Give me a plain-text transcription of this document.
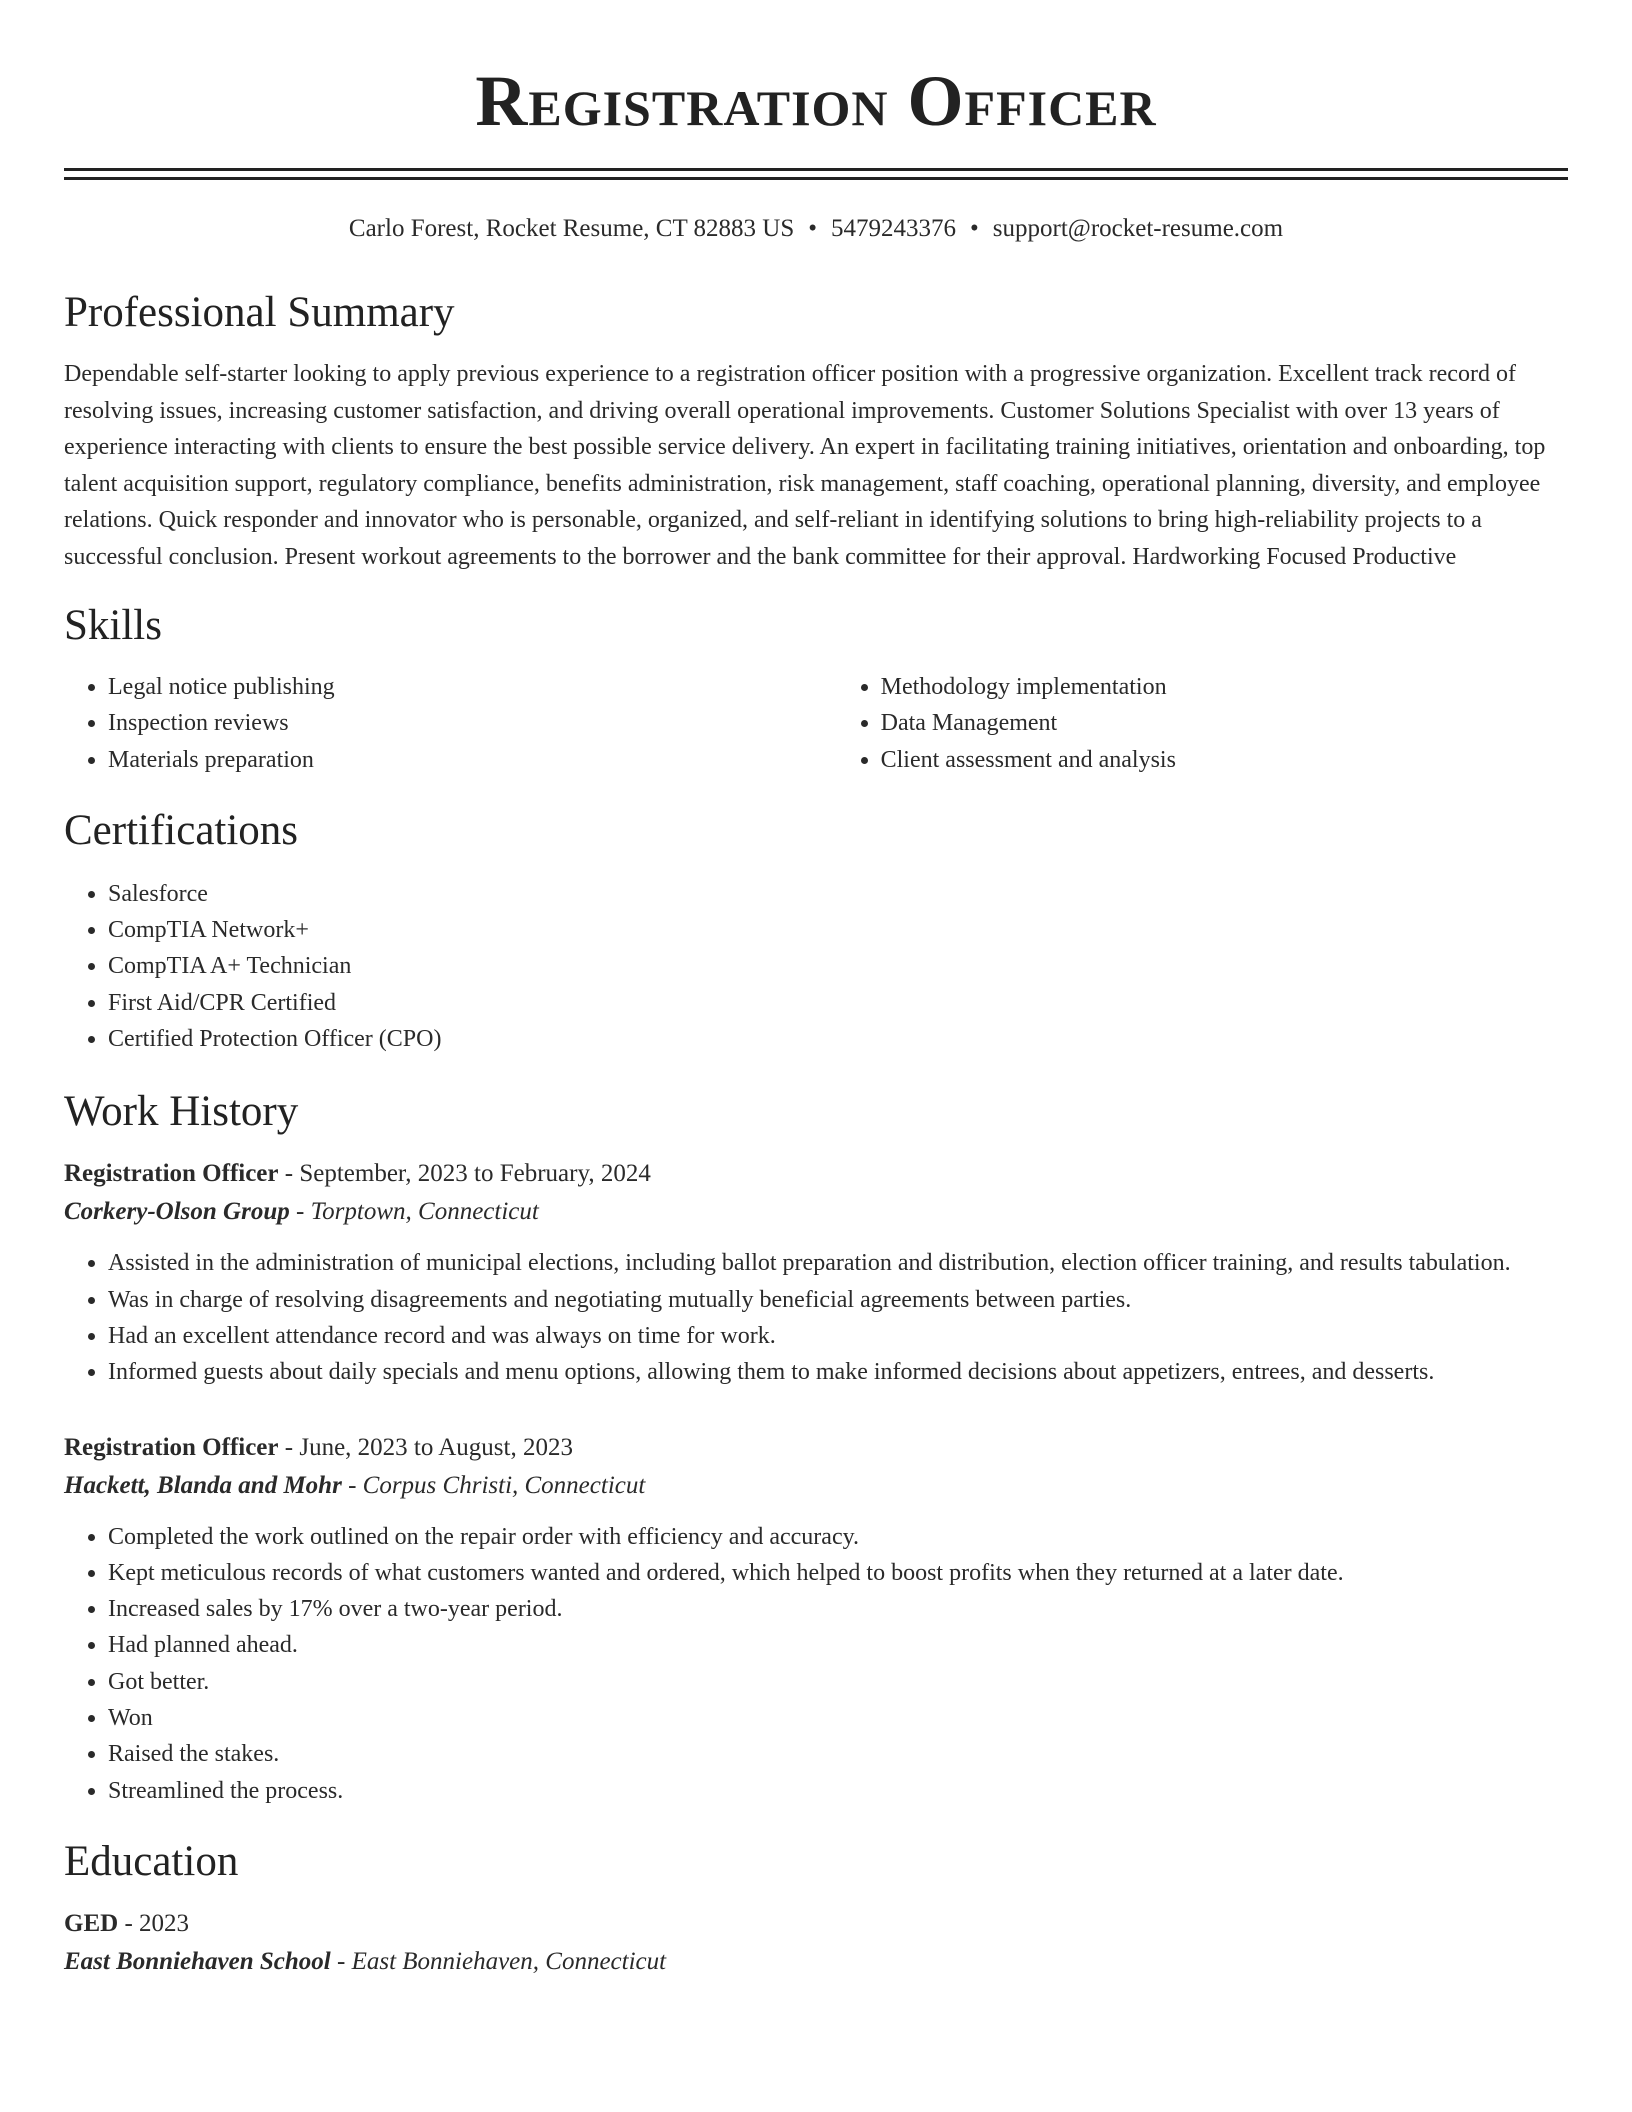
Registration Officer
Carlo Forest, Rocket Resume, CT 82883 US • 5479243376 • support@rocket-resume.com
Professional Summary

Dependable self-starter looking to apply previous experience to a registration officer position with a progressive organization. Excellent track record of resolving issues, increasing customer satisfaction, and driving overall operational improvements. Customer Solutions Specialist with over 13 years of experience interacting with clients to ensure the best possible service delivery. An expert in facilitating training initiatives, orientation and onboarding, top talent acquisition support, regulatory compliance, benefits administration, risk management, staff coaching, operational planning, diversity, and employee relations. Quick responder and innovator who is personable, organized, and self-reliant in identifying solutions to bring high-reliability projects to a successful conclusion. Present workout agreements to the borrower and the bank committee for their approval. Hardworking Focused Productive

Skills
• Legal notice publishing
• Inspection reviews
• Materials preparation
• Methodology implementation
• Data Management
• Client assessment and analysis
Certifications
• Salesforce
• CompTIA Network+
• CompTIA A+ Technician
• First Aid/CPR Certified
• Certified Protection Officer (CPO)
Work History
Registration Officer - September, 2023 to February, 2024
Corkery-Olson Group - Torptown, Connecticut
• Assisted in the administration of municipal elections, including ballot preparation and distribution, election officer training, and results tabulation.
• Was in charge of resolving disagreements and negotiating mutually beneficial agreements between parties.
• Had an excellent attendance record and was always on time for work.
• Informed guests about daily specials and menu options, allowing them to make informed decisions about appetizers, entrees, and desserts.
Registration Officer - June, 2023 to August, 2023
Hackett, Blanda and Mohr - Corpus Christi, Connecticut
• Completed the work outlined on the repair order with efficiency and accuracy.
• Kept meticulous records of what customers wanted and ordered, which helped to boost profits when they returned at a later date.
• Increased sales by 17% over a two-year period.
• Had planned ahead.
• Got better.
• Won
• Raised the stakes.
• Streamlined the process.
Education
GED - 2023
East Bonniehaven School - East Bonniehaven, Connecticut
